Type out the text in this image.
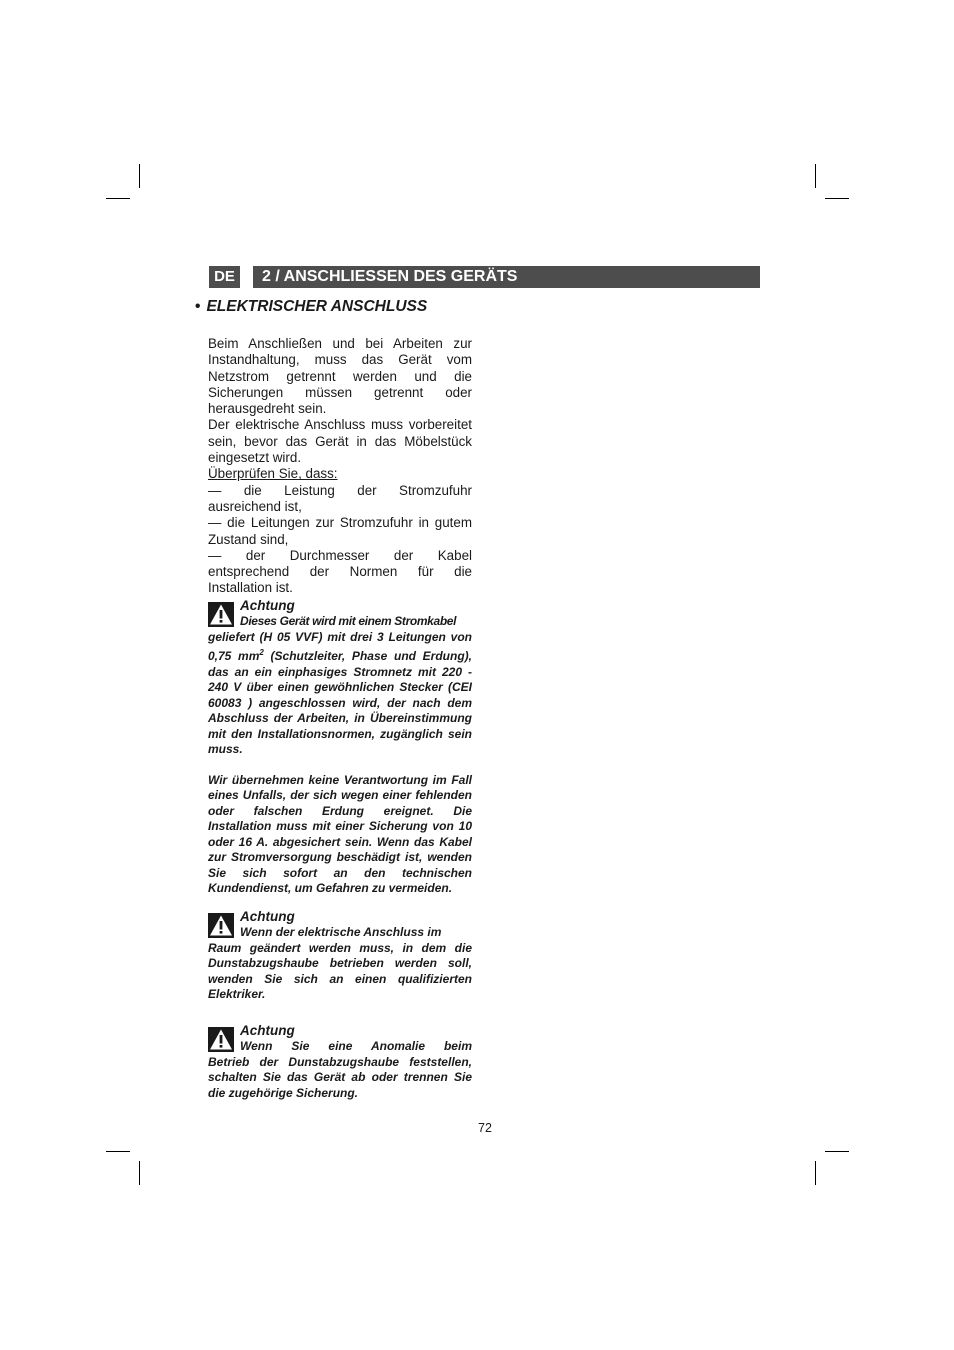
DE	2 / ANSCHLIESSEN DES GERÄTS
• ELEKTRISCHER ANSCHLUSS

Beim Anschließen und bei Arbeiten zur Instandhaltung, muss das Gerät vom Netzstrom getrennt werden und die Sicherungen müssen getrennt oder herausgedreht sein.

Der elektrische Anschluss muss vorbereitet sein, bevor das Gerät in das Möbelstück eingesetzt wird.

Überprüfen Sie, dass:

— die Leistung der Stromzufuhr ausreichend ist,

— die Leitungen zur Stromzufuhr in gutem Zustand sind,

— der Durchmesser der Kabel entsprechend der Normen für die Installation ist.

Achtung

Dieses Gerät wird mit einem Stromkabel

geliefert (H 05 VVF) mit drei 3 Leitungen von 0,75 $mm^2$ (Schutzleiter, Phase und Erdung), das an ein einphasiges Stromnetz mit 220 - 240 V über einen gewöhnlichen Stecker (CEI 60083 ) angeschlossen wird, der nach dem Abschluss der Arbeiten, in Übereinstimmung mit den Installationsnormen, zugänglich sein muss.

Wir übernehmen keine Verantwortung im Fall eines Unfalls, der sich wegen einer fehlenden oder falschen Erdung ereignet. Die Installation muss mit einer Sicherung von 10 oder 16 A. abgesichert sein. Wenn das Kabel zur Stromversorgung beschädigt ist, wenden Sie sich sofort an den technischen Kundendienst, um Gefahren zu vermeiden.

Achtung

Wenn der elektrische Anschluss im

Raum geändert werden muss, in dem die Dunstabzugshaube betrieben werden soll, wenden Sie sich an einen qualifizierten Elektriker.

Achtung

Wenn Sie eine Anomalie beim

Betrieb der Dunstabzugshaube feststellen, schalten Sie das Gerät ab oder trennen Sie die zugehörige Sicherung.

72
